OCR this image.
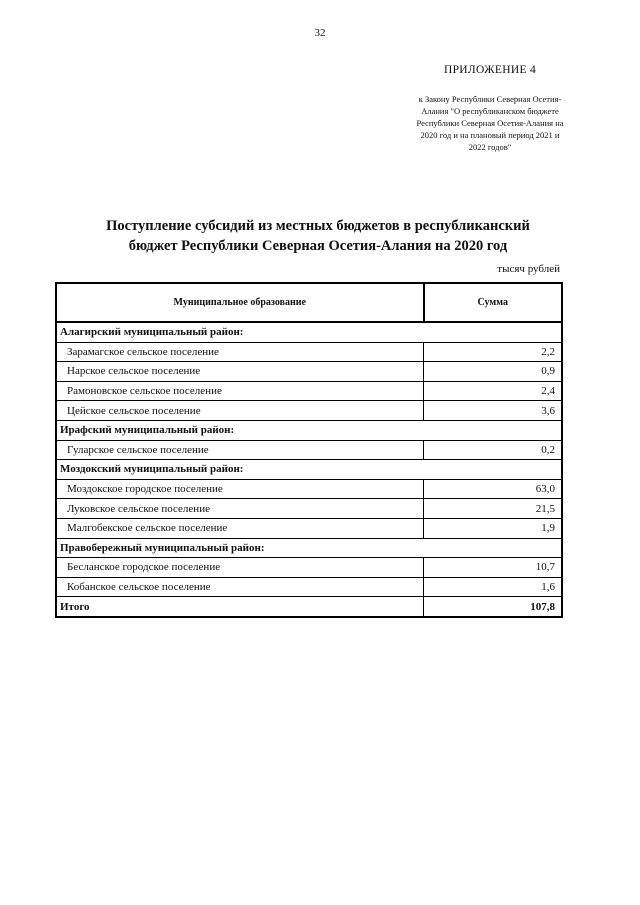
32
ПРИЛОЖЕНИЕ 4
к Закону Республики Северная Осетия-Алания "О республиканском бюджете Республики Северная Осетия-Алания на 2020 год и на плановый период 2021 и 2022 годов"
Поступление субсидий из местных бюджетов в республиканский
бюджет Республики Северная Осетия-Алания на 2020 год
тысяч рублей
Муниципальное образование	Сумма
Алагирский муниципальный район:	
Зарамагское сельское поселение	2,2
Нарское сельское поселение	0,9
Рамоновское сельское поселение	2,4
Цейское сельское поселение	3,6
Ирафский муниципальный район:	
Гуларское сельское поселение	0,2
Моздокский муниципальный район:	
Моздокское городское поселение	63,0
Луковское сельское поселение	21,5
Малгобекское сельское поселение	1,9
Правобережный муниципальный район:	
Бесланское городское поселение	10,7
Кобанское сельское поселение	1,6
Итого	107,8
